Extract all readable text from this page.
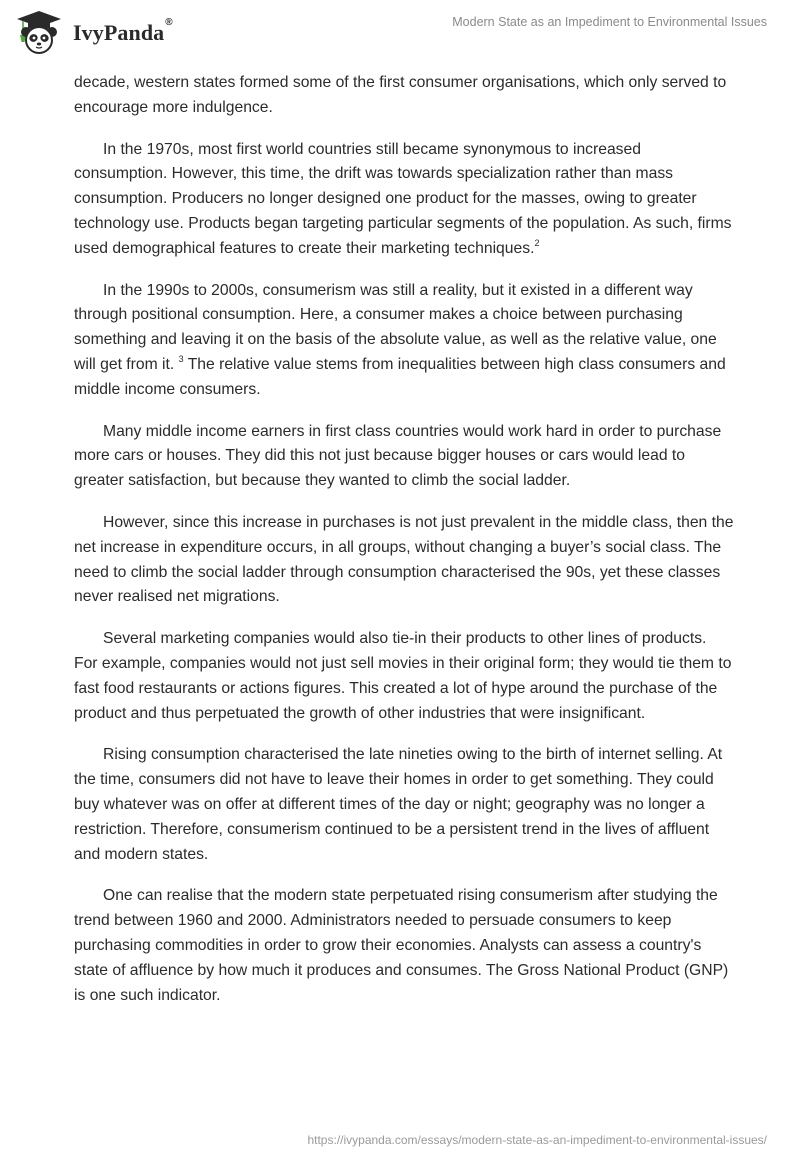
IvyPanda®	Modern State as an Impediment to Environmental Issues

decade, western states formed some of the first consumer organisations, which only served to encourage more indulgence.

In the 1970s, most first world countries still became synonymous to increased consumption. However, this time, the drift was towards specialization rather than mass consumption. Producers no longer designed one product for the masses, owing to greater technology use. Products began targeting particular segments of the population. As such, firms used demographical features to create their marketing techniques.$^2$

In the 1990s to 2000s, consumerism was still a reality, but it existed in a different way through positional consumption. Here, a consumer makes a choice between purchasing something and leaving it on the basis of the absolute value, as well as the relative value, one will get from it. $^3$ The relative value stems from inequalities between high class consumers and middle income consumers.

Many middle income earners in first class countries would work hard in order to purchase more cars or houses. They did this not just because bigger houses or cars would lead to greater satisfaction, but because they wanted to climb the social ladder.

However, since this increase in purchases is not just prevalent in the middle class, then the net increase in expenditure occurs, in all groups, without changing a buyer’s social class. The need to climb the social ladder through consumption characterised the 90s, yet these classes never realised net migrations.

Several marketing companies would also tie-in their products to other lines of products. For example, companies would not just sell movies in their original form; they would tie them to fast food restaurants or actions figures. This created a lot of hype around the purchase of the product and thus perpetuated the growth of other industries that were insignificant.

Rising consumption characterised the late nineties owing to the birth of internet selling. At the time, consumers did not have to leave their homes in order to get something. They could buy whatever was on offer at different times of the day or night; geography was no longer a restriction. Therefore, consumerism continued to be a persistent trend in the lives of affluent and modern states.

One can realise that the modern state perpetuated rising consumerism after studying the trend between 1960 and 2000. Administrators needed to persuade consumers to keep purchasing commodities in order to grow their economies. Analysts can assess a country's state of affluence by how much it produces and consumes. The Gross National Product (GNP) is one such indicator.

https://ivypanda.com/essays/modern-state-as-an-impediment-to-environmental-issues/
